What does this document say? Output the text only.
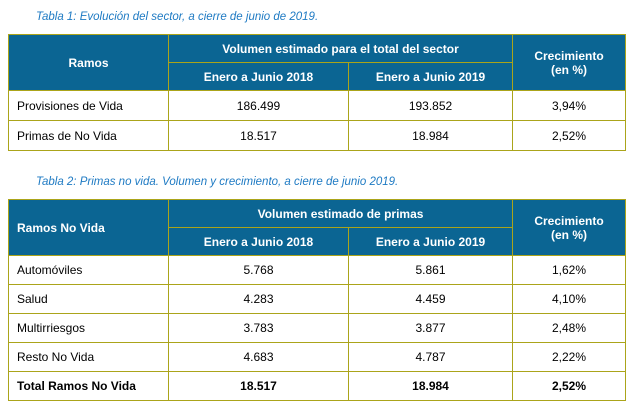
Tabla 1: Evolución del sector, a cierre de junio de 2019.

Ramos	Volumen estimado para el total del sector		Crecimiento
(en %)
	Enero a Junio 2018	Enero a Junio 2019	
Provisiones de Vida	186.499	193.852	3,94%
Primas de No Vida	18.517	18.984	2,52%

Tabla 2: Primas no vida. Volumen y crecimiento, a cierre de junio 2019.

Ramos No Vida	Volumen estimado de primas		Crecimiento
(en %)
	Enero a Junio 2018	Enero a Junio 2019	
Automóviles	5.768	5.861	1,62%
Salud	4.283	4.459	4,10%
Multirriesgos	3.783	3.877	2,48%
Resto No Vida	4.683	4.787	2,22%
Total Ramos No Vida	18.517	18.984	2,52%
